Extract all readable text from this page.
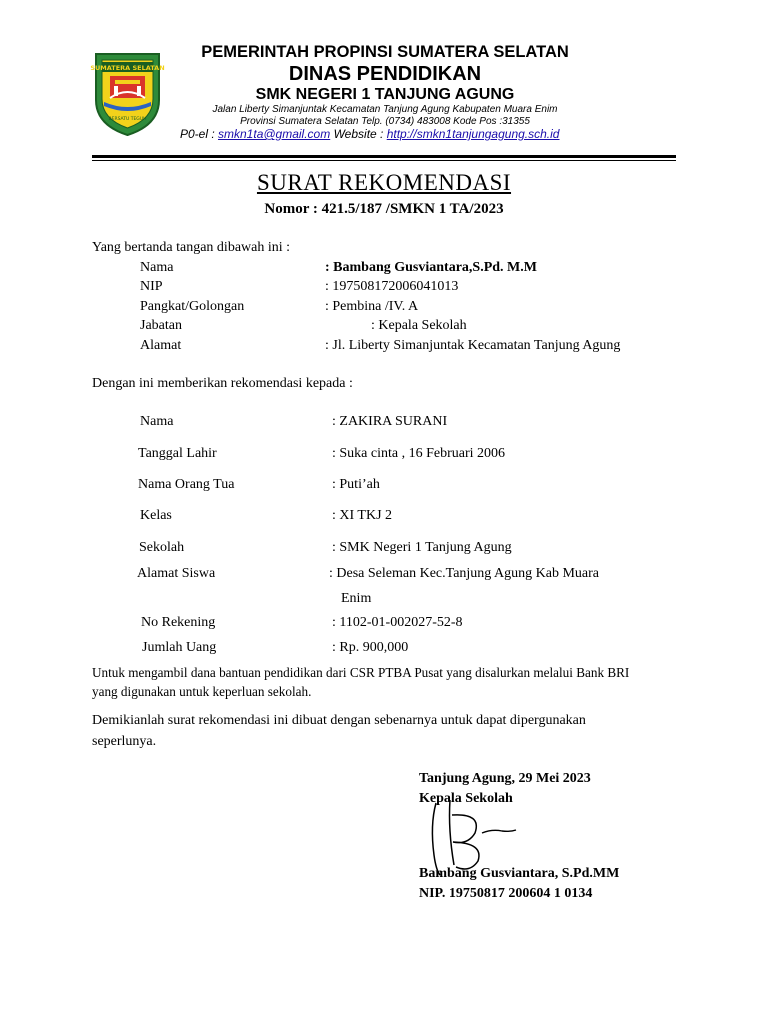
SUMATERA SELATAN
BERSATU TEGUH
PEMERINTAH PROPINSI SUMATERA SELATAN
DINAS PENDIDIKAN
SMK NEGERI 1 TANJUNG AGUNG
Jalan Liberty Simanjuntak Kecamatan Tanjung Agung Kabupaten Muara Enim
Provinsi Sumatera Selatan Telp. (0734) 483008 Kode Pos :31355
P0-el : smkn1ta@gmail.com Website : http://smkn1tanjungagung.sch.id
SURAT REKOMENDASI
Nomor : 421.5/187 /SMKN 1 TA/2023
Yang bertanda tangan dibawah ini :
Nama	: Bambang Gusviantara,S.Pd. M.M
NIP	: 197508172006041013
Pangkat/Golongan	: Pembina /IV. A
Jabatan	: Kepala Sekolah
Alamat	: Jl. Liberty Simanjuntak Kecamatan Tanjung Agung
Dengan ini memberikan rekomendasi kepada :
Nama	: ZAKIRA SURANI
Tanggal Lahir	: Suka cinta , 16 Februari 2006
Nama Orang Tua	: Puti’ah
Kelas	: XI TKJ 2
Sekolah	: SMK Negeri 1 Tanjung Agung
Alamat Siswa	: Desa Seleman Kec.Tanjung Agung Kab Muara
Enim
No Rekening	: 1102-01-002027-52-8
Jumlah Uang	: Rp. 900,000
Untuk mengambil dana bantuan pendidikan dari CSR PTBA Pusat yang disalurkan melalui Bank BRI
yang digunakan untuk keperluan sekolah.
Demikianlah surat rekomendasi ini dibuat dengan sebenarnya untuk dapat dipergunakan
seperlunya.
Tanjung Agung, 29 Mei 2023
Kepala Sekolah
Bambang Gusviantara, S.Pd.MM
NIP. 19750817 200604 1 0134
